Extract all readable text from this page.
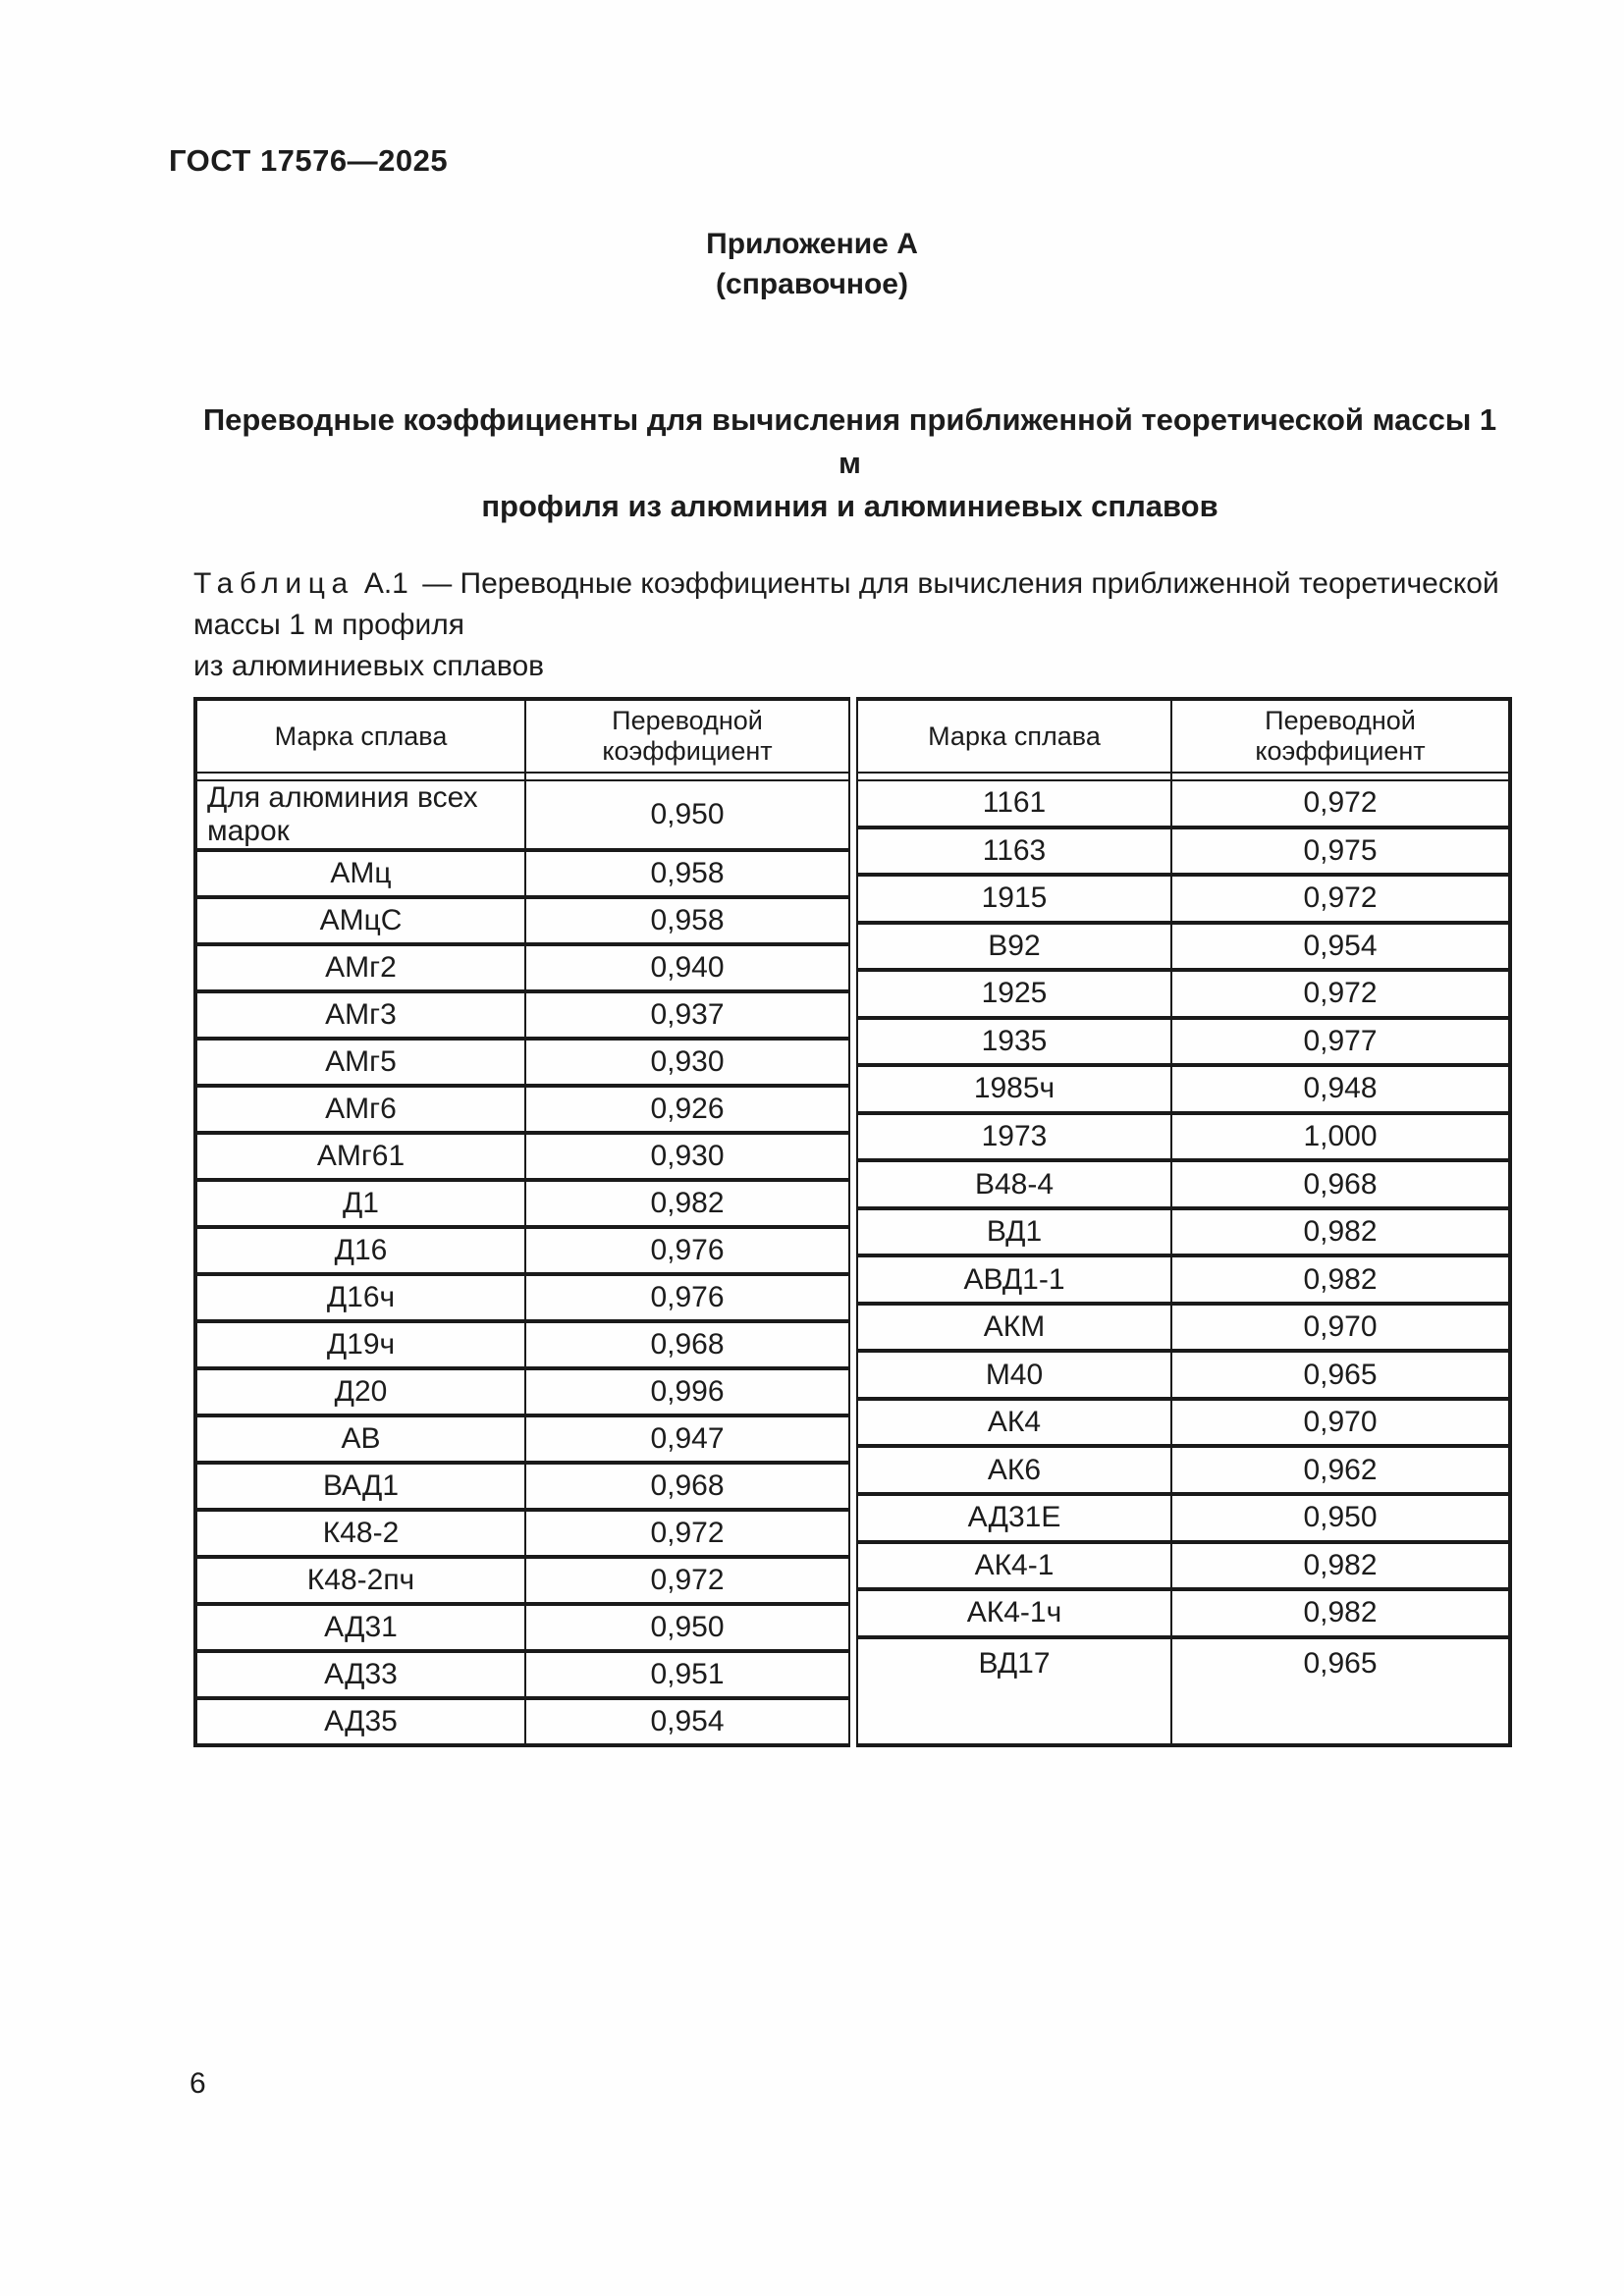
ГОСТ 17576—2025
Приложение А
(справочное)
Переводные коэффициенты для вычисления приближенной теоретической массы 1 м
профиля из алюминия и алюминиевых сплавов
Таблица А.1 — Переводные коэффициенты для вычисления приближенной теоретической массы 1 м профиля
из алюминиевых сплавов
Марка сплава	Переводной коэффициент

Для алюминия всех марок	0,950
АМц	0,958
АМцС	0,958
АМг2	0,940
АМг3	0,937
АМг5	0,930
АМг6	0,926
АМг61	0,930
Д1	0,982
Д16	0,976
Д16ч	0,976
Д19ч	0,968
Д20	0,996
АВ	0,947
ВАД1	0,968
К48-2	0,972
К48-2пч	0,972
АД31	0,950
АД33	0,951
АД35	0,954
Марка сплава	Переводной коэффициент

1161	0,972
1163	0,975
1915	0,972
В92	0,954
1925	0,972
1935	0,977
1985ч	0,948
1973	1,000
В48-4	0,968
ВД1	0,982
АВД1-1	0,982
АКМ	0,970
М40	0,965
АК4	0,970
АК6	0,962
АД31Е	0,950
АК4-1	0,982
АК4-1ч	0,982
ВД17	0,965
6
